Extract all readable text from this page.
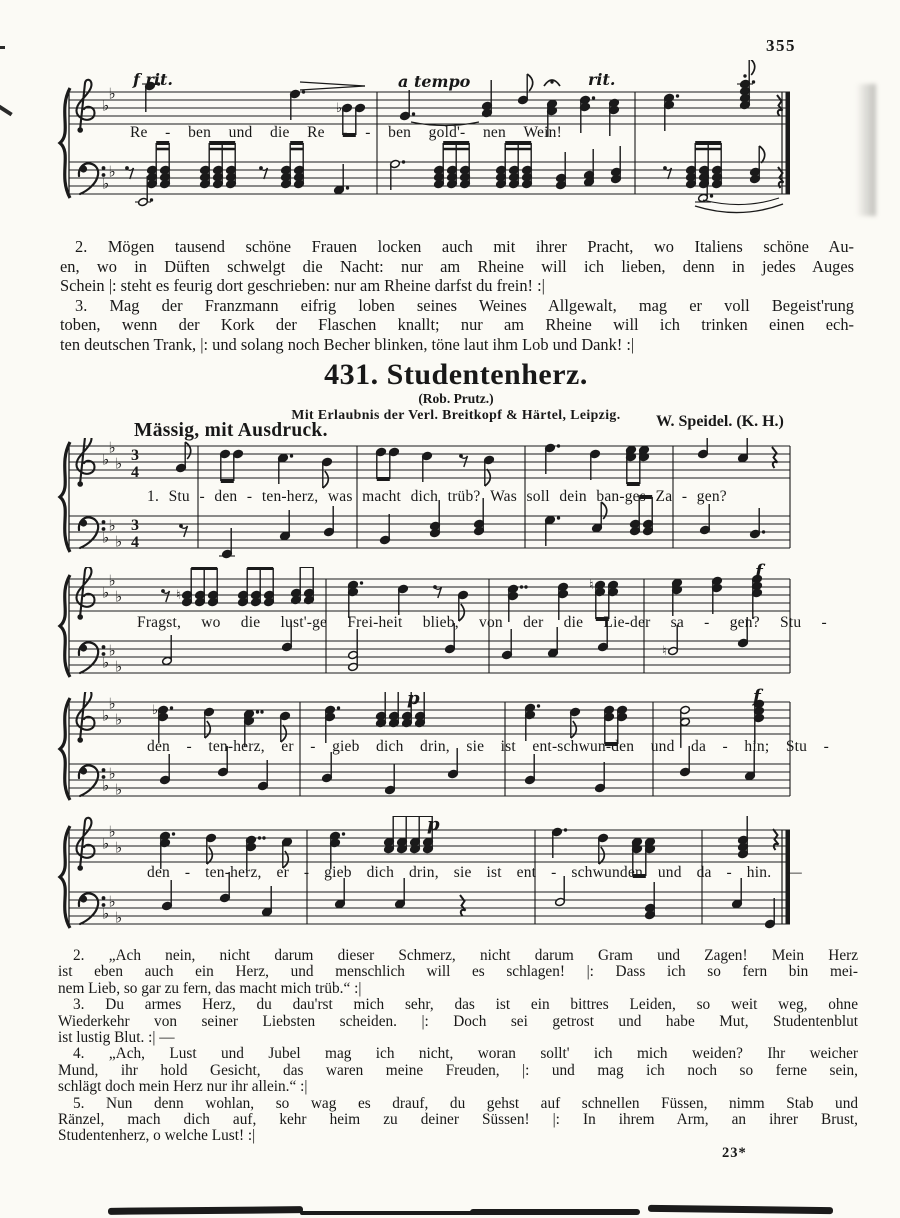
355
♭
♭
♭
♭
♭
f rit.	a tempo	rit.
Re - ben und die Re - - ben gold'- nen Wein!

2. Mögen tausend schöne Frauen locken auch mit ihrer Pracht, wo Italiens schöne Au-
en, wo in Düften schwelgt die Nacht: nur am Rheine will ich lieben, denn in jedes Auges
Schein |: steht es feurig dort geschrieben: nur am Rheine darfst du frein! :|

3. Mag der Franzmann eifrig loben seines Weines Allgewalt, mag er voll Begeist'rung
toben, wenn der Kork der Flaschen knallt; nur am Rheine will ich trinken einen ech-
ten deutschen Trank, |: und solang noch Becher blinken, töne laut ihm Lob und Dank! :|

431. Studentenherz.
(Rob. Prutz.)
Mit Erlaubnis der Verl. Breitkopf & Härtel, Leipzig.
Mässig, mit Ausdruck.	W. Speidel. (K. H.)
♭
♭
♭
♭
♭
♭
3
4
3
4
1. Stu - den - ten-herz, was macht dich trüb? Was soll dein ban-ges Za - gen?
♭
♭
♭
♭
♭
♭
♮
♮
♮
f
Fragst, wo die lust'-ge Frei-heit blieb, von der die Lie-der sa - gen? Stu -
♭
♭
♭
♭
♭
♭
♭
p	f
den - ten-herz, er - gieb dich drin, sie ist ent-schwun-den und da - hin; Stu -
♭
♭
♭
♭
♭
♭
p
den - ten-herz, er - gieb dich drin, sie ist ent - schwunden und da - hin. —

2. „Ach nein, nicht darum dieser Schmerz, nicht darum Gram und Zagen! Mein Herz
ist eben auch ein Herz, und menschlich will es schlagen! |: Dass ich so fern bin mei-
nem Lieb, so gar zu fern, das macht mich trüb.“ :|

3. Du armes Herz, du dau'rst mich sehr, das ist ein bittres Leiden, so weit weg, ohne
Wiederkehr von seiner Liebsten scheiden. |: Doch sei getrost und habe Mut, Studentenblut
ist lustig Blut. :| —

4. „Ach, Lust und Jubel mag ich nicht, woran sollt' ich mich weiden? Ihr weicher
Mund, ihr hold Gesicht, das waren meine Freuden, |: und mag ich noch so ferne sein,
schlägt doch mein Herz nur ihr allein.“ :|

5. Nun denn wohlan, so wag es drauf, du gehst auf schnellen Füssen, nimm Stab und
Ränzel, mach dich auf, kehr heim zu deiner Süssen! |: In ihrem Arm, an ihrer Brust,
Studentenherz, o welche Lust! :|

23*
